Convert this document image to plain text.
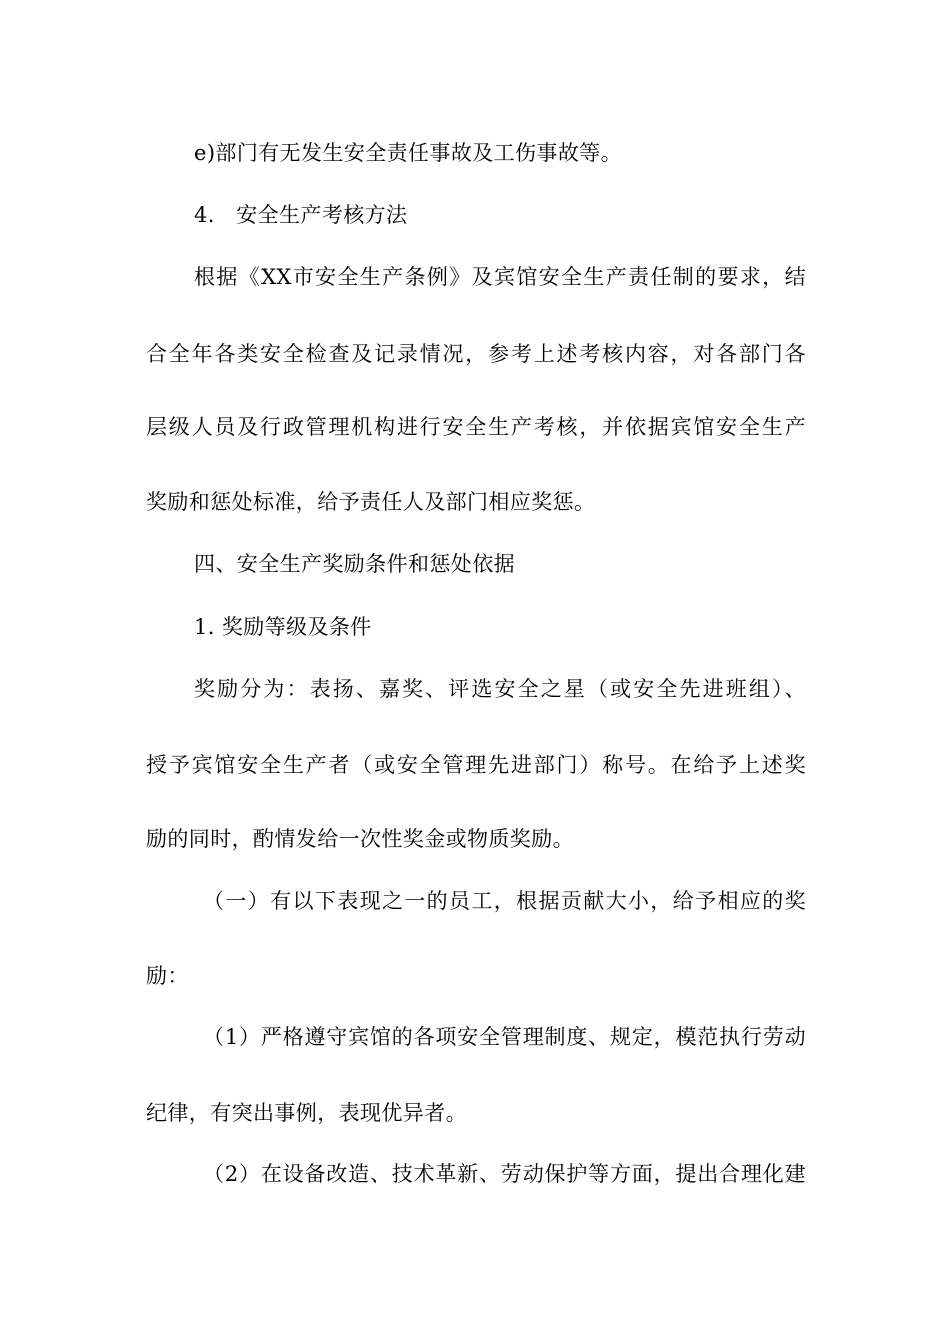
e)部门有无发生安全责任事故及工伤事故等。
4.　安全生产考核方法
根据《XX市安全生产条例》及宾馆安全生产责任制的要求，结
合全年各类安全检查及记录情况，参考上述考核内容，对各部门各
层级人员及行政管理机构进行安全生产考核，并依据宾馆安全生产
奖励和惩处标准，给予责任人及部门相应奖惩。
四、安全生产奖励条件和惩处依据
1. 奖励等级及条件
奖励分为：表扬、嘉奖、评选安全之星（或安全先进班组）、
授予宾馆安全生产者（或安全管理先进部门）称号。在给予上述奖
励的同时，酌情发给一次性奖金或物质奖励。
（一）有以下表现之一的员工，根据贡献大小，给予相应的奖
励：
（1）严格遵守宾馆的各项安全管理制度、规定，模范执行劳动
纪律，有突出事例，表现优异者。
（2）在设备改造、技术革新、劳动保护等方面，提出合理化建
